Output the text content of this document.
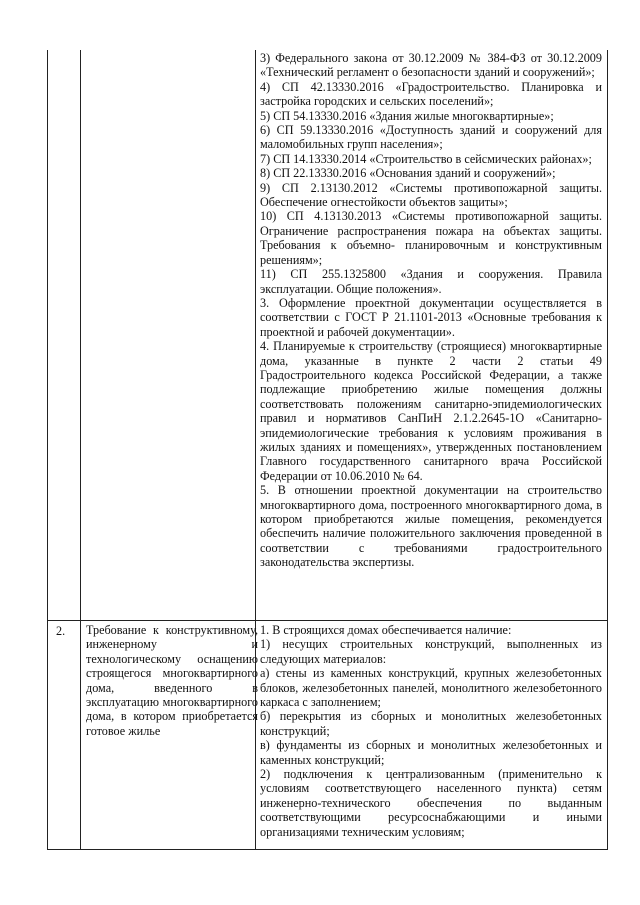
3) Федерального закона от 30.12.2009 № 384-ФЗ от 30.12.2009 «Технический регламент о безопасности зданий и сооружений»;

4) СП 42.13330.2016 «Градостроительство. Планировка и застройка городских и сельских поселений»;

5) СП 54.13330.2016 «Здания жилые многоквартирные»;

6) СП 59.13330.2016 «Доступность зданий и сооружений для маломобильных групп населения»;

7) СП 14.13330.2014 «Строительство в сейсмических районах»;

8) СП 22.13330.2016 «Основания зданий и сооружений»;

9) СП 2.13130.2012 «Системы противопожарной защиты. Обеспечение огнестойкости объектов защиты»;

10) СП 4.13130.2013 «Системы противопожарной защиты. Ограничение распространения пожара на объектах защиты. Требования к объемно- планировочным и конструктивным решениям»;

11) СП 255.1325800 «Здания и сооружения. Правила эксплуатации. Общие положения».

3. Оформление проектной документации осуществляется в соответствии с ГОСТ Р 21.1101-2013 «Основные требования к проектной и рабочей документации».

4. Планируемые к строительству (строящиеся) многоквартирные дома, указанные в пункте 2 части 2 статьи 49 Градостроительного кодекса Российской Федерации, а также подлежащие приобретению жилые помещения должны соответствовать положениям санитарно-эпидемиологических правил и нормативов СанПиН 2.1.2.2645-1О «Санитарно- эпидемиологические требования к условиям проживания в жилых зданиях и помещениях», утвержденных постановлением Главного государственного санитарного врача Российской Федерации от 10.06.2010 № 64.

5. В отношении проектной документации на строительство многоквартирного дома, построенного многоквартирного дома, в котором приобретаются жилые помещения, рекомендуется обеспечить наличие положительного заключения проведенной в соответствии с требованиями градостроительного законодательства экспертизы.

2. Требование к конструктивному, инженерному и технологическому оснащению строящегося многоквартирного дома, введенного в эксплуатацию многоквартирного дома, в котором приобретается готовое жилье

1. В строящихся домах обеспечивается наличие:

1) несущих строительных конструкций, выполненных из следующих материалов:

а) стены из каменных конструкций, крупных железобетонных блоков, железобетонных панелей, монолитного железобетонного каркаса с заполнением;

б) перекрытия из сборных и монолитных железобетонных конструкций;

в) фундаменты из сборных и монолитных железобетонных и каменных конструкций;

2) подключения к централизованным (применительно к условиям соответствующего населенного пункта) сетям инженерно-технического обеспечения по выданным соответствующими ресурсоснабжающими и иными организациями техническим условиям;
